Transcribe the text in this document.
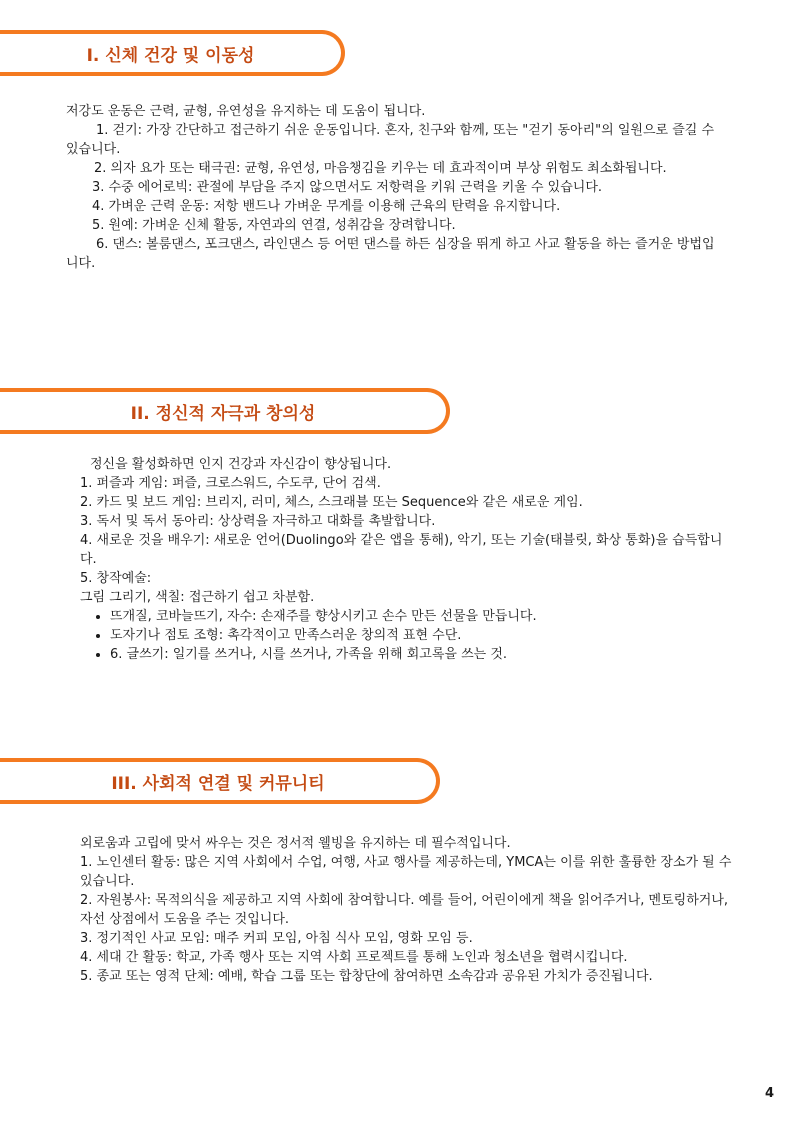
I. 신체 건강 및 이동성

저강도 운동은 근력, 균형, 유연성을 유지하는 데 도움이 됩니다.

1. 걷기: 가장 간단하고 접근하기 쉬운 운동입니다. 혼자, 친구와 함께, 또는 "걷기 동아리"의 일원으로 즐길 수 있습니다.

2. 의자 요가 또는 태극권: 균형, 유연성, 마음챙김을 키우는 데 효과적이며 부상 위험도 최소화됩니다.

3. 수중 에어로빅: 관절에 부담을 주지 않으면서도 저항력을 키워 근력을 키울 수 있습니다.

4. 가벼운 근력 운동: 저항 밴드나 가벼운 무게를 이용해 근육의 탄력을 유지합니다.

5. 원예: 가벼운 신체 활동, 자연과의 연결, 성취감을 장려합니다.

6. 댄스: 볼룸댄스, 포크댄스, 라인댄스 등 어떤 댄스를 하든 심장을 뛰게 하고 사교 활동을 하는 즐거운 방법입니다.

II. 정신적 자극과 창의성

정신을 활성화하면 인지 건강과 자신감이 향상됩니다.

1. 퍼즐과 게임: 퍼즐, 크로스워드, 수도쿠, 단어 검색.

2. 카드 및 보드 게임: 브리지, 러미, 체스, 스크래블 또는 Sequence와 같은 새로운 게임.

3. 독서 및 독서 동아리: 상상력을 자극하고 대화를 촉발합니다.

4. 새로운 것을 배우기: 새로운 언어(Duolingo와 같은 앱을 통해), 악기, 또는 기술(태블릿, 화상 통화)을 습득합니다.

5. 창작예술:

그림 그리기, 색칠: 접근하기 쉽고 차분함.

• 뜨개질, 코바늘뜨기, 자수: 손재주를 향상시키고 손수 만든 선물을 만듭니다.
• 도자기나 점토 조형: 촉각적이고 만족스러운 창의적 표현 수단.
• 6. 글쓰기: 일기를 쓰거나, 시를 쓰거나, 가족을 위해 회고록을 쓰는 것.
III. 사회적 연결 및 커뮤니티

외로움과 고립에 맞서 싸우는 것은 정서적 웰빙을 유지하는 데 필수적입니다.

1. 노인센터 활동: 많은 지역 사회에서 수업, 여행, 사교 행사를 제공하는데, YMCA는 이를 위한 훌륭한 장소가 될 수 있습니다.

2. 자원봉사: 목적의식을 제공하고 지역 사회에 참여합니다. 예를 들어, 어린이에게 책을 읽어주거나, 멘토링하거나, 자선 상점에서 도움을 주는 것입니다.

3. 정기적인 사교 모임: 매주 커피 모임, 아침 식사 모임, 영화 모임 등.

4. 세대 간 활동: 학교, 가족 행사 또는 지역 사회 프로젝트를 통해 노인과 청소년을 협력시킵니다.

5. 종교 또는 영적 단체: 예배, 학습 그룹 또는 합창단에 참여하면 소속감과 공유된 가치가 증진됩니다.

4
